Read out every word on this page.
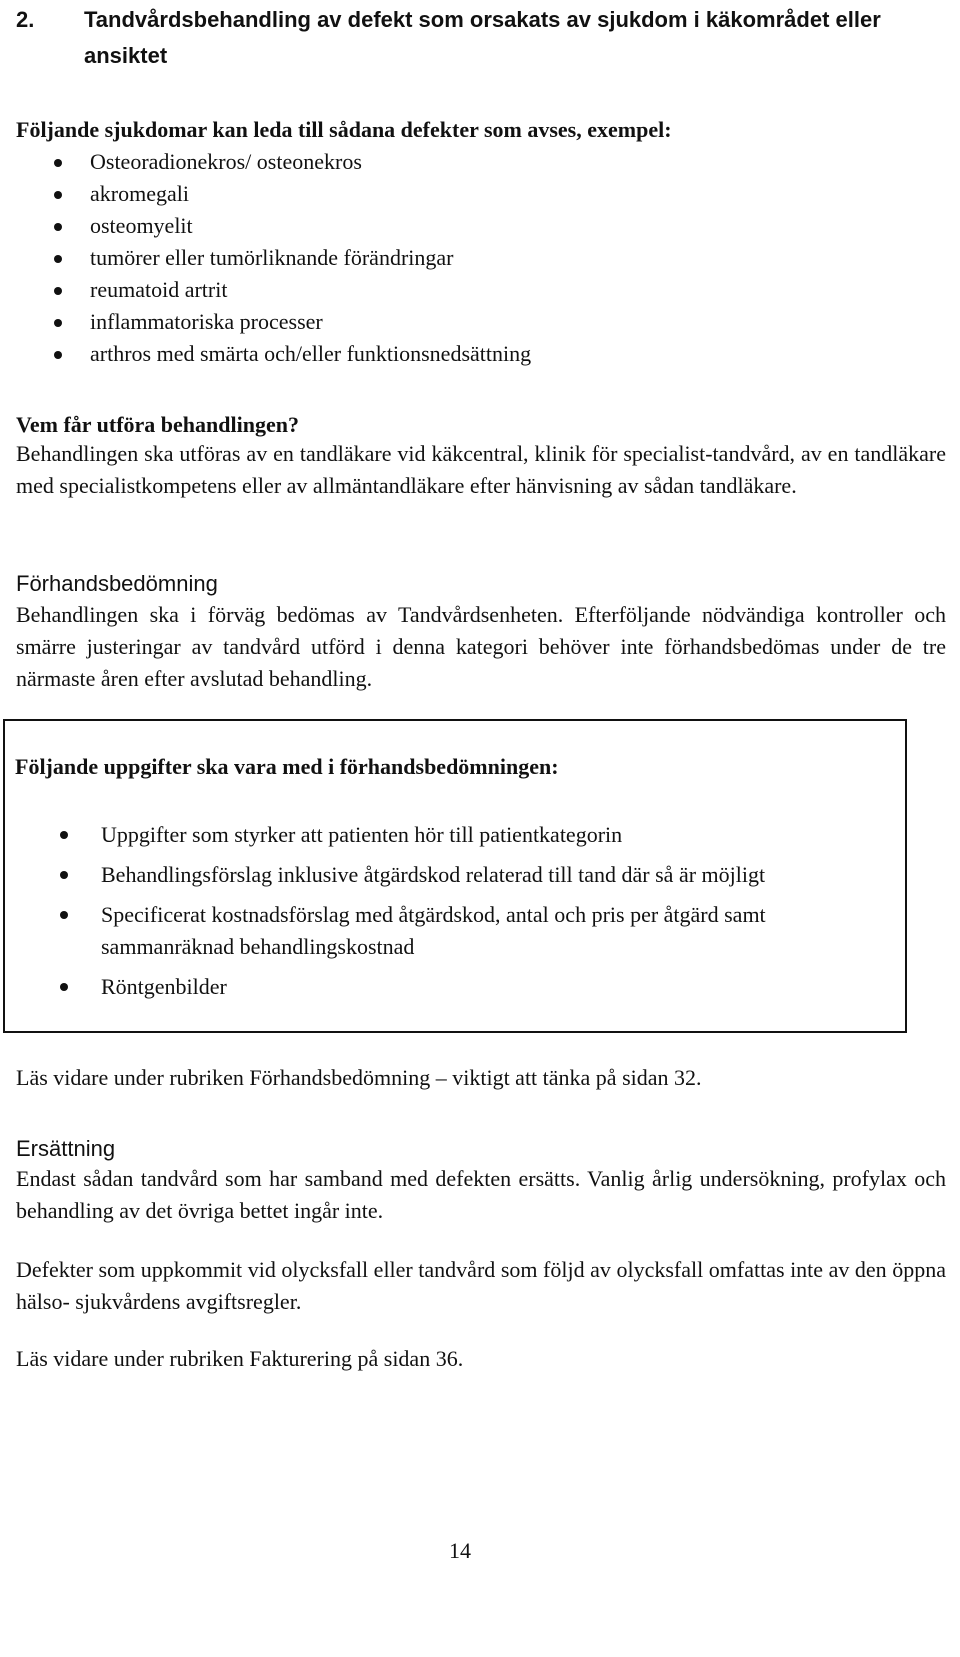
2. Tandvårdsbehandling av defekt som orsakats av sjukdom i käkområdet eller ansiktet
Följande sjukdomar kan leda till sådana defekter som avses, exempel:
Osteoradionekros/ osteonekros
akromegali
osteomyelit
tumörer eller tumörliknande förändringar
reumatoid artrit
inflammatoriska processer
arthros med smärta och/eller funktionsnedsättning
Vem får utföra behandlingen?
Behandlingen ska utföras av en tandläkare vid käkcentral, klinik för specialist-tandvård, av en tandläkare med specialistkompetens eller av allmäntandläkare efter hänvisning av sådan tandläkare.
Förhandsbedömning
Behandlingen ska i förväg bedömas av Tandvårdsenheten. Efterföljande nödvändiga kontroller och smärre justeringar av tandvård utförd i denna kategori behöver inte förhandsbedömas under de tre närmaste åren efter avslutad behandling.
Följande uppgifter ska vara med i förhandsbedömningen:
Uppgifter som styrker att patienten hör till patientkategorin
Behandlingsförslag inklusive åtgärdskod relaterad till tand där så är möjligt
Specificerat kostnadsförslag med åtgärdskod, antal och pris per åtgärd samt sammanräknad behandlingskostnad
Röntgenbilder
Läs vidare under rubriken Förhandsbedömning – viktigt att tänka på sidan 32.
Ersättning
Endast sådan tandvård som har samband med defekten ersätts. Vanlig årlig undersökning, profylax och behandling av det övriga bettet ingår inte.
Defekter som uppkommit vid olycksfall eller tandvård som följd av olycksfall omfattas inte av den öppna hälso- sjukvårdens avgiftsregler.
Läs vidare under rubriken Fakturering på sidan 36.
14
